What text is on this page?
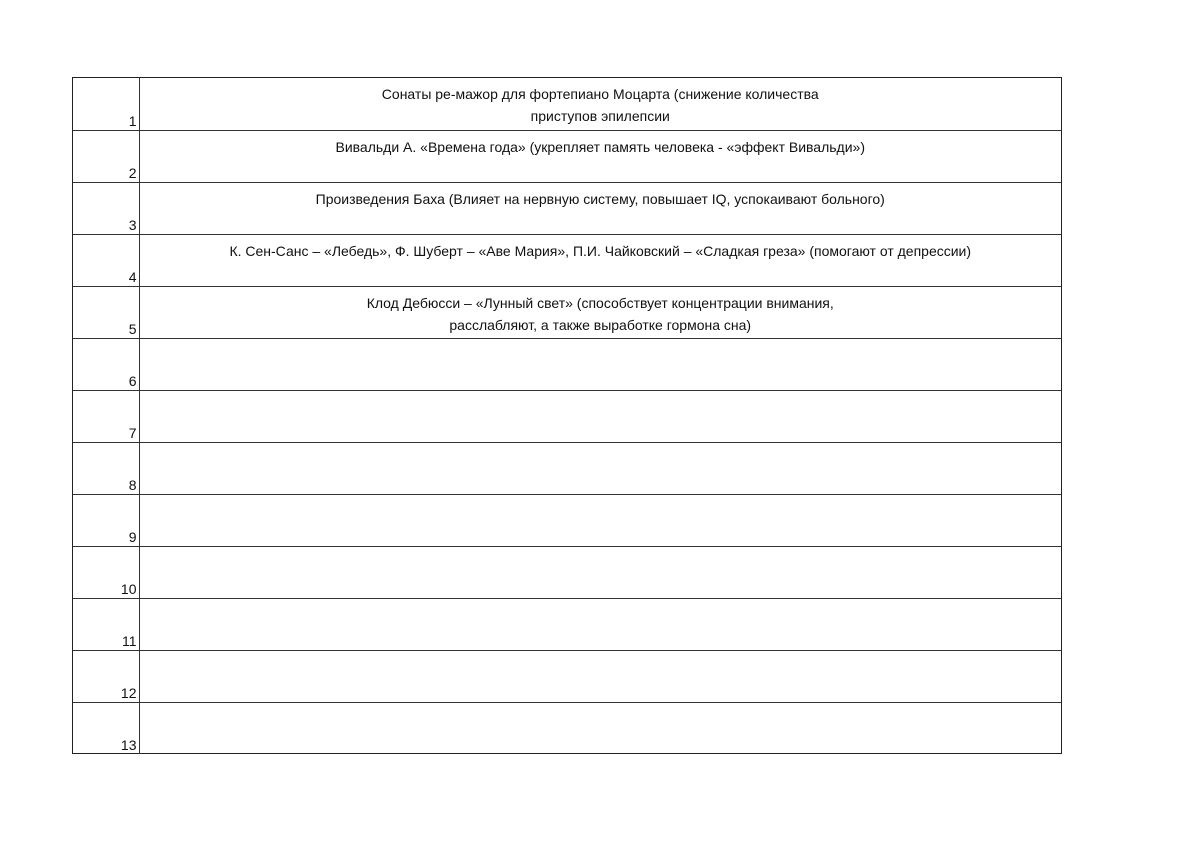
1	Сонаты ре-мажор для фортепиано Моцарта (снижение количества
приступов эпилепсии

2	Вивальди А. «Времена года» (укрепляет память человека - «эффект Вивальди»)

3	Произведения Баха (Влияет на нервную систему, повышает IQ, успокаивают больного)

4	К. Сен-Санс – «Лебедь», Ф. Шуберт – «Аве Мария», П.И. Чайковский – «Сладкая греза» (помогают от депрессии)

5	Клод Дебюсси – «Лунный свет» (способствует концентрации внимания,
расслабляют, а также выработке гормона сна)

6	
7	
8	
9	
10	
11	
12	
13	
